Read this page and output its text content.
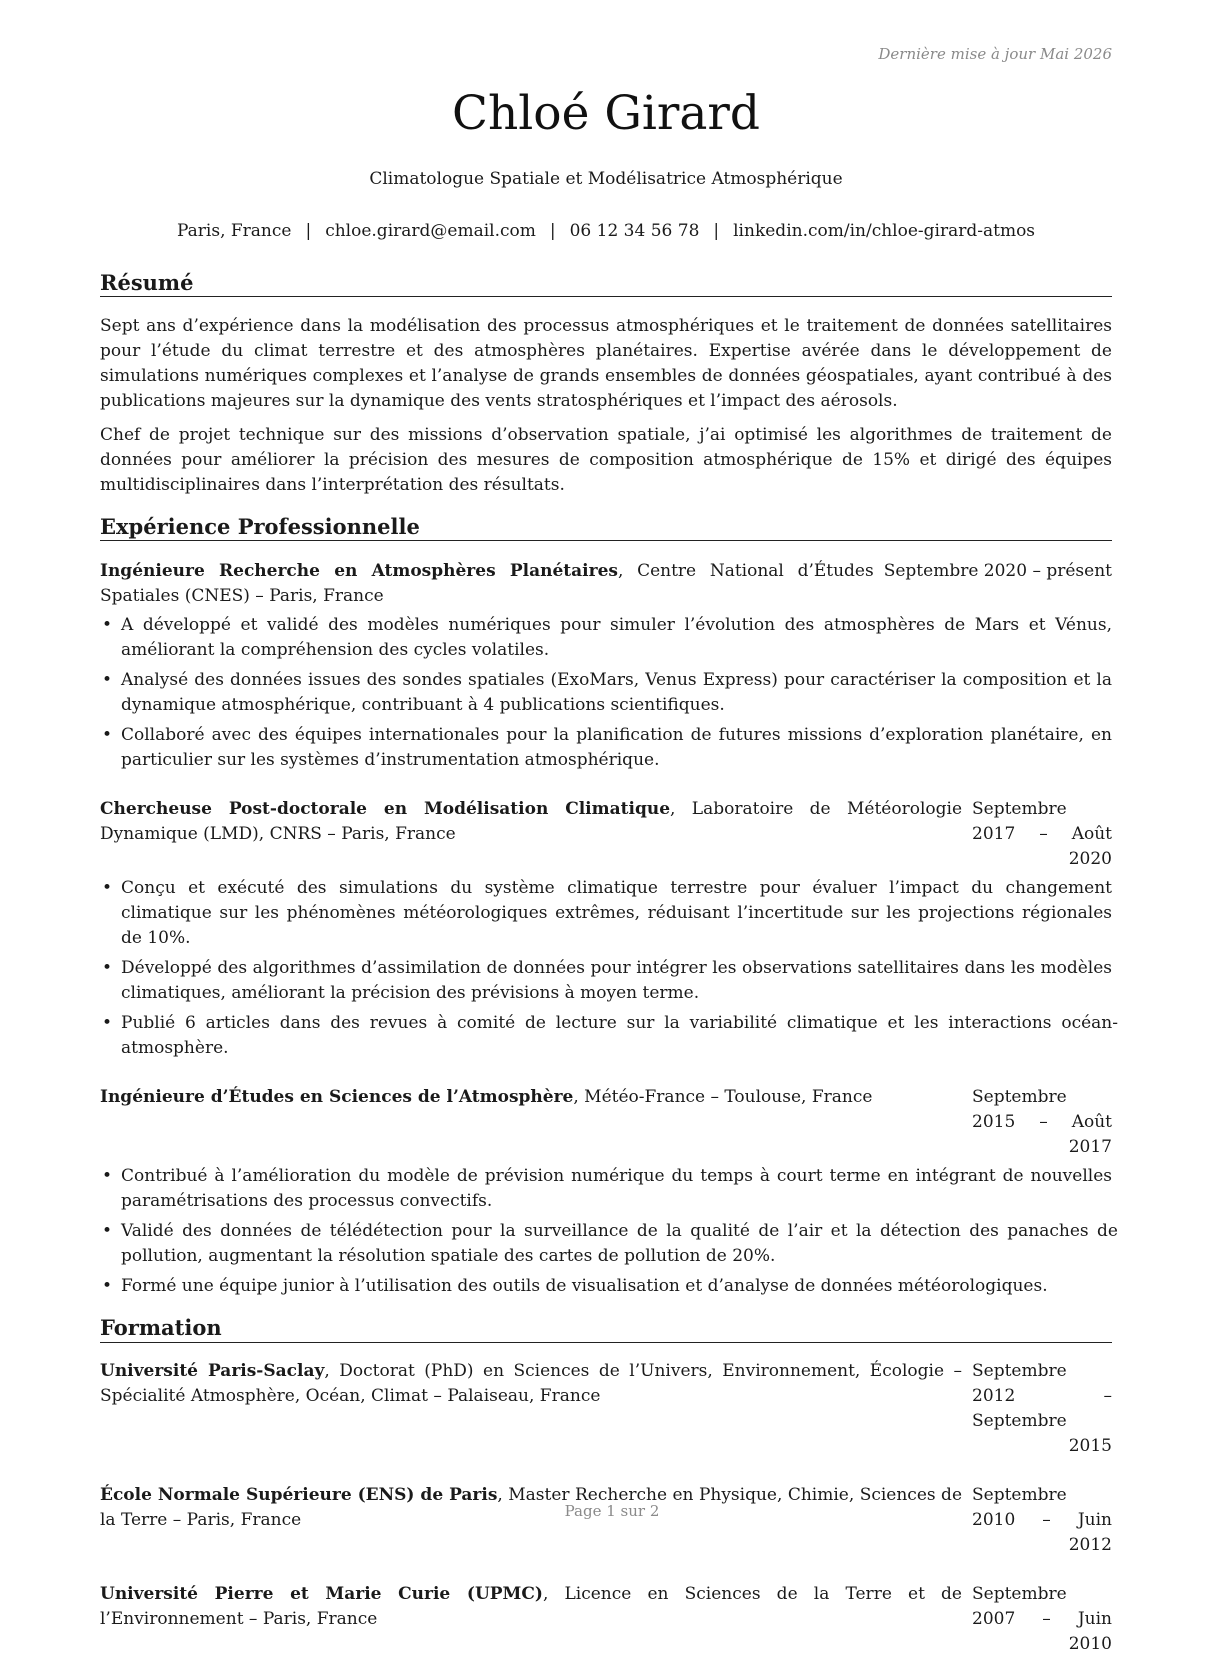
Dernière mise à jour Mai 2026
Chloé Girard
Climatologue Spatiale et Modélisatrice Atmosphérique
Paris, France | chloe.girard@email.com | 06 12 34 56 78 | linkedin.com/in/chloe-girard-atmos
Résumé

Sept ans d’expérience dans la modélisation des processus atmosphériques et le traitement de données satellitaires pour l’étude du climat terrestre et des atmosphères planétaires. Expertise avérée dans le développement de simulations numériques complexes et l’analyse de grands ensembles de données géospatiales, ayant contribué à des publications majeures sur la dynamique des vents stratosphériques et l’impact des aérosols.

Chef de projet technique sur des missions d’observation spatiale, j’ai optimisé les algorithmes de traitement de données pour améliorer la précision des mesures de composition atmosphérique de 15% et dirigé des équipes multidisciplinaires dans l’interprétation des résultats.

Expérience Professionnelle
Ingénieure Recherche en Atmosphères Planétaires, Centre National d’Études Spatiales (CNES) – Paris, France
Septembre 2020 – présent
• A développé et validé des modèles numériques pour simuler l’évolution des atmosphères de Mars et Vénus, améliorant la compréhension des cycles volatiles.
• Analysé des données issues des sondes spatiales (ExoMars, Venus Express) pour caractériser la composition et la dynamique atmosphérique, contribuant à 4 publications scientifiques.
• Collaboré avec des équipes internationales pour la planification de futures missions d’exploration planétaire, en particulier sur les systèmes d’instrumentation atmosphérique.
Chercheuse Post-doctorale en Modélisation Climatique, Laboratoire de Météorologie Dynamique (LMD), CNRS – Paris, France
Septembre 2017 – Août 2020
• Conçu et exécuté des simulations du système climatique terrestre pour évaluer l’impact du changement climatique sur les phénomènes météorologiques extrêmes, réduisant l’incertitude sur les projections régionales de 10%.
• Développé des algorithmes d’assimilation de données pour intégrer les observations satellitaires dans les modèles climatiques, améliorant la précision des prévisions à moyen terme.
• Publié 6 articles dans des revues à comité de lecture sur la variabilité climatique et les interactions océan-atmosphère.
Ingénieure d’Études en Sciences de l’Atmosphère, Météo-France – Toulouse, France	Septembre 2015 – Août 2017
• Contribué à l’amélioration du modèle de prévision numérique du temps à court terme en intégrant de nouvelles paramétrisations des processus convectifs.
• Validé des données de télédétection pour la surveillance de la qualité de l’air et la détection des panaches de pollution, augmentant la résolution spatiale des cartes de pollution de 20%.
• Formé une équipe junior à l’utilisation des outils de visualisation et d’analyse de données météorologiques.
Formation
Université Paris-Saclay, Doctorat (PhD) en Sciences de l’Univers, Environnement, Écologie – Spécialité Atmosphère, Océan, Climat – Palaiseau, France
Septembre 2012 – Septembre 2015
École Normale Supérieure (ENS) de Paris, Master Recherche en Physique, Chimie, Sciences de la Terre – Paris, France
Septembre 2010 – Juin 2012
Université Pierre et Marie Curie (UPMC), Licence en Sciences de la Terre et de l’Environnement – Paris, France
Septembre 2007 – Juin 2010
Page 1 sur 2
